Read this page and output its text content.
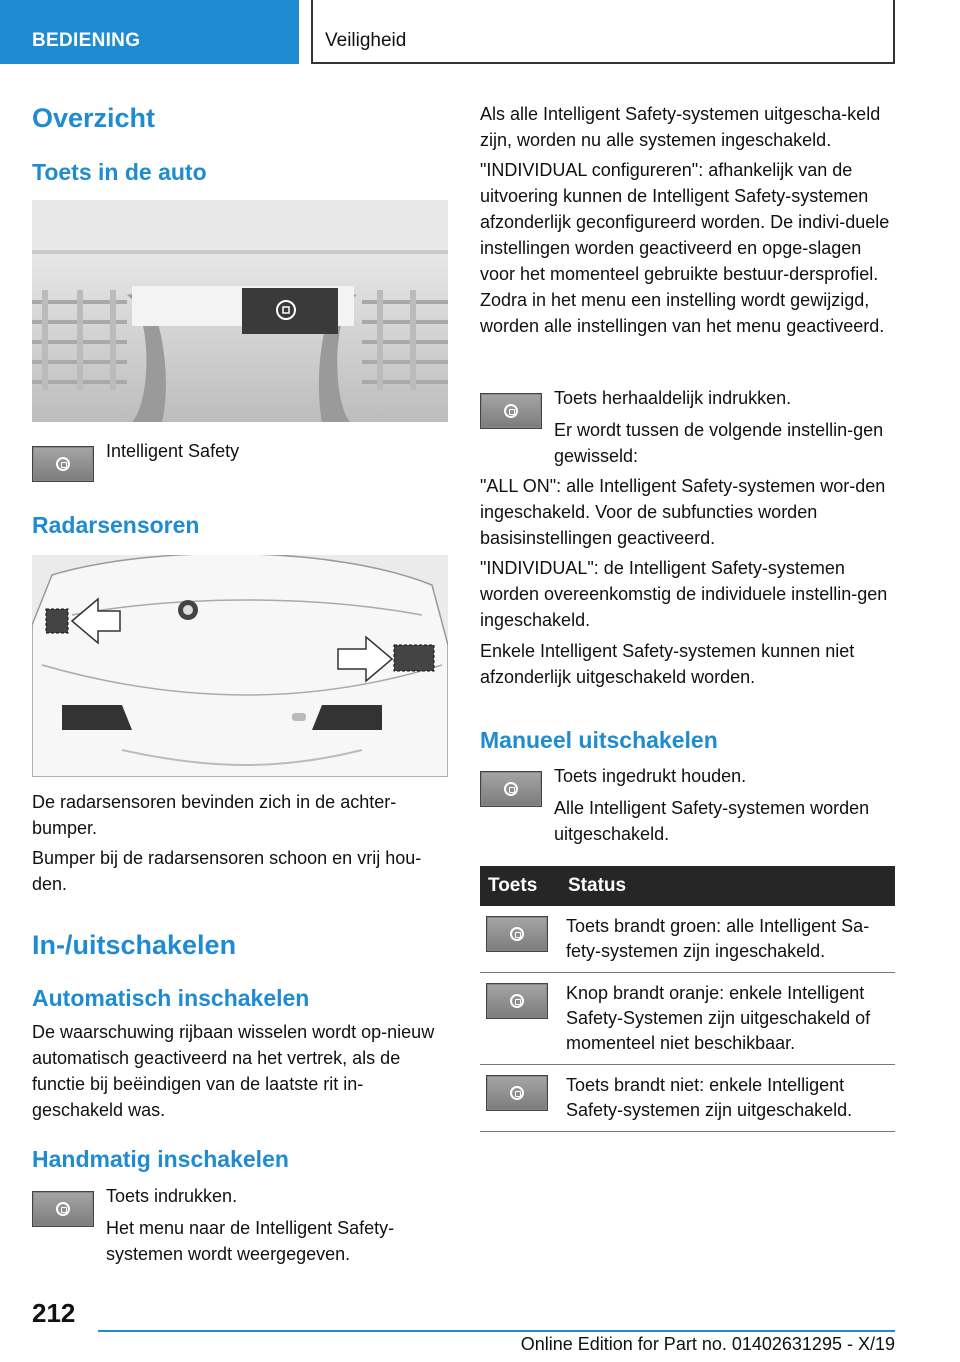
BEDIENING	Veiligheid
Overzicht
Toets in de auto

Intelligent Safety

Radarsensoren

De radarsensoren bevinden zich in de achter-bumper.

Bumper bij de radarsensoren schoon en vrij hou-den.

In-/uitschakelen
Automatisch inschakelen

De waarschuwing rijbaan wisselen wordt op-nieuw automatisch geactiveerd na het vertrek, als de functie bij beëindigen van de laatste rit in-geschakeld was.

Handmatig inschakelen

Toets indrukken.

Het menu naar de Intelligent Safety-systemen wordt weergegeven.

Als alle Intelligent Safety-systemen uitgescha-keld zijn, worden nu alle systemen ingeschakeld.

"INDIVIDUAL configureren": afhankelijk van de uitvoering kunnen de Intelligent Safety-systemen afzonderlijk geconfigureerd worden. De indivi-duele instellingen worden geactiveerd en opge-slagen voor het momenteel gebruikte bestuur-dersprofiel. Zodra in het menu een instelling wordt gewijzigd, worden alle instellingen van het menu geactiveerd.

Toets herhaaldelijk indrukken.

Er wordt tussen de volgende instellin-gen gewisseld:

"ALL ON": alle Intelligent Safety-systemen wor-den ingeschakeld. Voor de subfuncties worden basisinstellingen geactiveerd.

"INDIVIDUAL": de Intelligent Safety-systemen worden overeenkomstig de individuele instellin-gen ingeschakeld.

Enkele Intelligent Safety-systemen kunnen niet afzonderlijk uitgeschakeld worden.

Manueel uitschakelen

Toets ingedrukt houden.

Alle Intelligent Safety-systemen worden uitgeschakeld.

Toets	Status

	Toets brandt groen: alle Intelligent Sa-fety-systemen zijn ingeschakeld.

	Knop brandt oranje: enkele Intelligent Safety-Systemen zijn uitgeschakeld of momenteel niet beschikbaar.

	Toets brandt niet: enkele Intelligent Safety-systemen zijn uitgeschakeld.
212
Online Edition for Part no. 01402631295 - X/19
